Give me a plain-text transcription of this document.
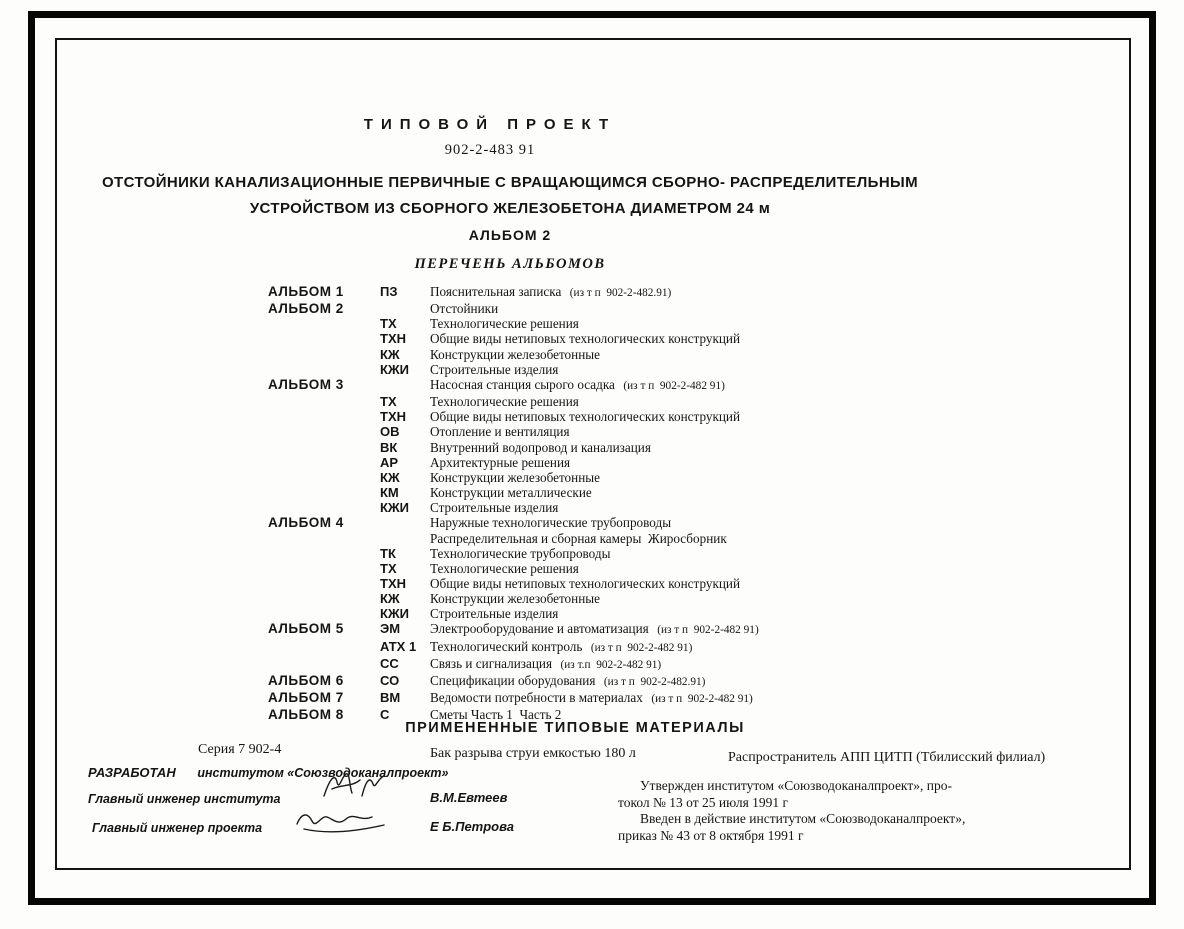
ТИПОВОЙ ПРОЕКТ
902-2-483 91
ОТСТОЙНИКИ КАНАЛИЗАЦИОННЫЕ ПЕРВИЧНЫЕ С ВРАЩАЮЩИМСЯ СБОРНО- РАСПРЕДЕЛИТЕЛЬНЫМ
УСТРОЙСТВОМ ИЗ СБОРНОГО ЖЕЛЕЗОБЕТОНА ДИАМЕТРОМ 24 м
АЛЬБОМ 2
ПЕРЕЧЕНЬ АЛЬБОМОВ
АЛЬБОМ 1	ПЗ	Пояснительная записка   (из т п  902-2-482.91)
АЛЬБОМ 2	Отстойники
ТХ	Технологические решения
ТХН	Общие виды нетиповых технологических конструкций
КЖ	Конструкции железобетонные
КЖИ	Строительные изделия
АЛЬБОМ 3	Насосная станция сырого осадка   (из т п  902-2-482 91)
ТХ	Технологические решения
ТХН	Общие виды нетиповых технологических конструкций
ОВ	Отопление и вентиляция
ВК	Внутренний водопровод и канализация
АР	Архитектурные решения
КЖ	Конструкции железобетонные
КМ	Конструкции металлические
КЖИ	Строительные изделия
АЛЬБОМ 4	Наружные технологические трубопроводы
Распределительная и сборная камеры  Жиросборник
ТК	Технологические трубопроводы
ТХ	Технологические решения
ТХН	Общие виды нетиповых технологических конструкций
КЖ	Конструкции железобетонные
КЖИ	Строительные изделия
АЛЬБОМ 5	ЭМ	Электрооборудование и автоматизация   (из т п  902-2-482 91)
АТХ 1	Технологический контроль   (из т п  902-2-482 91)
СС	Связь и сигнализация   (из т.п  902-2-482 91)
АЛЬБОМ 6	СО	Спецификации оборудования   (из т п  902-2-482.91)
АЛЬБОМ 7	ВМ	Ведомости потребности в материалах   (из т п  902-2-482 91)
АЛЬБОМ 8	С	Сметы Часть 1  Часть 2
ПРИМЕНЕННЫЕ ТИПОВЫЕ МАТЕРИАЛЫ
Серия 7 902-4	Бак разрыва струи емкостью 180 л	Распространитель АПП ЦИТП (Тбилисский филиал)
РАЗРАБОТАН институтом «Союзводоканалпроект»
Главный инженер института	В.М.Евтеев
Главный инженер проекта	Е Б.Петрова
Утвержден институтом «Союзводоканалпроект», про-
токол № 13 от 25 июля 1991 г
Введен в действие институтом «Союзводоканалпроект»,
приказ № 43 от 8 октября 1991 г
